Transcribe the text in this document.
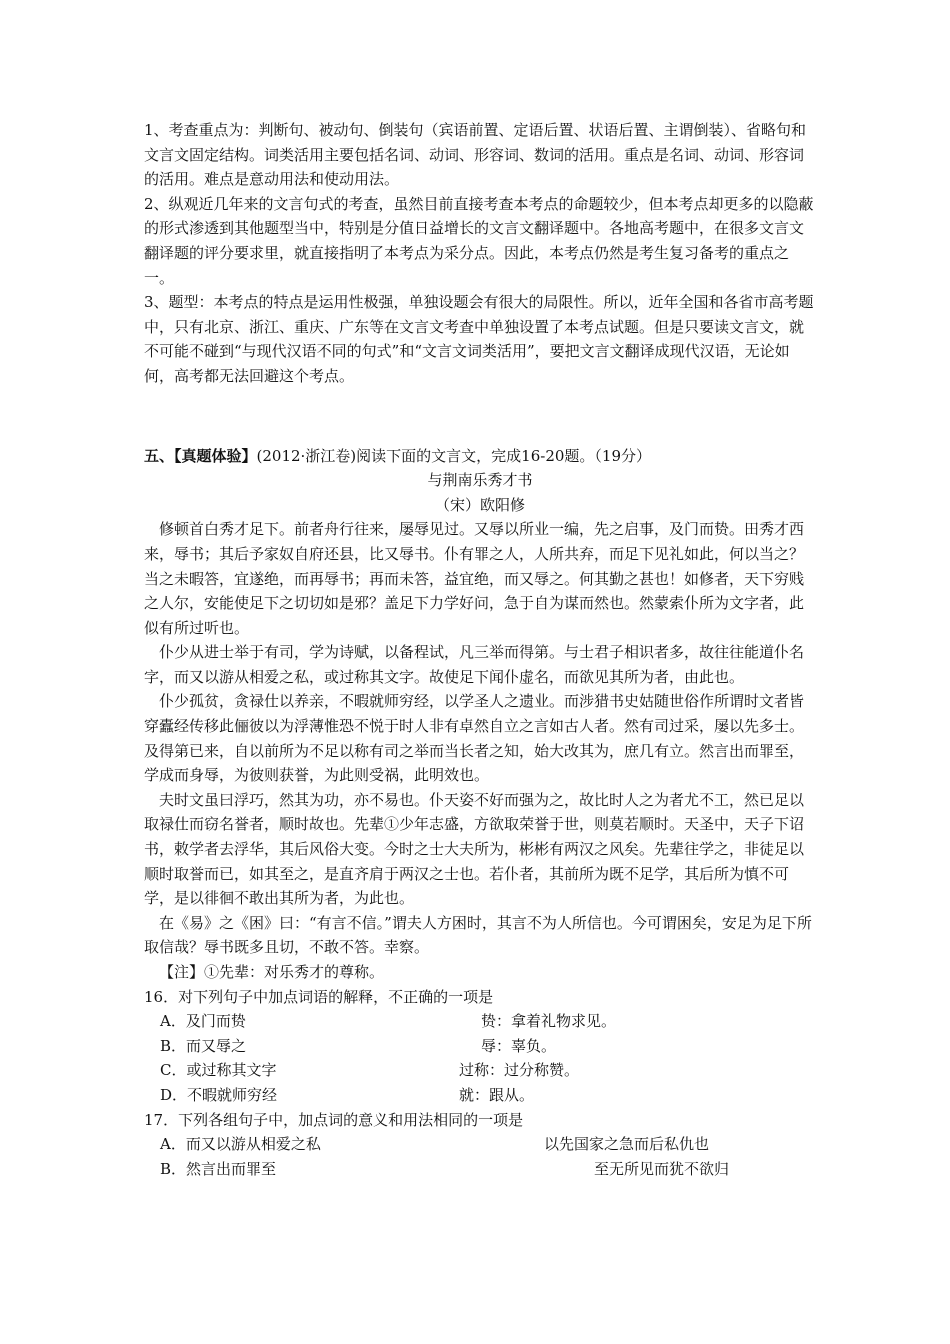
1、考查重点为：判断句、被动句、倒装句（宾语前置、定语后置、状语后置、主谓倒装）、省略句和文言文固定结构。词类活用主要包括名词、动词、形容词、数词的活用。重点是名词、动词、形容词的活用。难点是意动用法和使动用法。

2、纵观近几年来的文言句式的考查，虽然目前直接考查本考点的命题较少，但本考点却更多的以隐蔽的形式渗透到其他题型当中，特别是分值日益增长的文言文翻译题中。各地高考题中，在很多文言文翻译题的评分要求里，就直接指明了本考点为采分点。因此，本考点仍然是考生复习备考的重点之一。

3、题型：本考点的特点是运用性极强，单独设题会有很大的局限性。所以，近年全国和各省市高考题中，只有北京、浙江、重庆、广东等在文言文考查中单独设置了本考点试题。但是只要读文言文，就不可能不碰到“与现代汉语不同的句式”和“文言文词类活用”，要把文言文翻译成现代汉语，无论如何，高考都无法回避这个考点。

五、【真题体验】(2012·浙江卷)阅读下面的文言文，完成16-20题。（19分）

与荆南乐秀才书

（宋）欧阳修

修顿首白秀才足下。前者舟行往来，屡辱见过。又辱以所业一编，先之启事，及门而贽。田秀才西来，辱书；其后予家奴自府还县，比又辱书。仆有罪之人，人所共弃，而足下见礼如此，何以当之？当之未暇答，宜遂绝，而再辱书；再而未答，益宜绝，而又辱之。何其勤之甚也！如修者，天下穷贱之人尔，安能使足下之切切如是邪？盖足下力学好问，急于自为谋而然也。然蒙索仆所为文字者，此似有所过听也。

仆少从进士举于有司，学为诗赋，以备程试，凡三举而得第。与士君子相识者多，故往往能道仆名字，而又以游从相爱之私，或过称其文字。故使足下闻仆虚名，而欲见其所为者，由此也。

仆少孤贫，贪禄仕以养亲，不暇就师穷经，以学圣人之遗业。而涉猎书史姑随世俗作所谓时文者皆穿蠹经传移此俪彼以为浮薄惟恐不悦于时人非有卓然自立之言如古人者。然有司过采，屡以先多士。及得第已来，自以前所为不足以称有司之举而当长者之知，始大改其为，庶几有立。然言出而罪至，学成而身辱，为彼则获誉，为此则受祸，此明效也。

夫时文虽曰浮巧，然其为功，亦不易也。仆天姿不好而强为之，故比时人之为者尤不工，然已足以取禄仕而窃名誉者，顺时故也。先辈①少年志盛，方欲取荣誉于世，则莫若顺时。天圣中，天子下诏书，敕学者去浮华，其后风俗大变。今时之士大夫所为，彬彬有两汉之风矣。先辈往学之，非徒足以顺时取誉而已，如其至之，是直齐肩于两汉之士也。若仆者，其前所为既不足学，其后所为慎不可学，是以徘徊不敢出其所为者，为此也。

在《易》之《困》曰：“有言不信。”谓夫人方困时，其言不为人所信也。今可谓困矣，安足为足下所取信哉？辱书既多且切，不敢不答。幸察。

【注】①先辈：对乐秀才的尊称。

16．对下列句子中加点词语的解释，不正确的一项是

A．及门而贽	贽：拿着礼物求见。
B．而又辱之	辱：辜负。
C．或过称其文字	过称：过分称赞。
D．不暇就师穷经	就：跟从。

17．下列各组句子中，加点词的意义和用法相同的一项是

A．而又以游从相爱之私	以先国家之急而后私仇也
B．然言出而罪至	至无所见而犹不欲归
